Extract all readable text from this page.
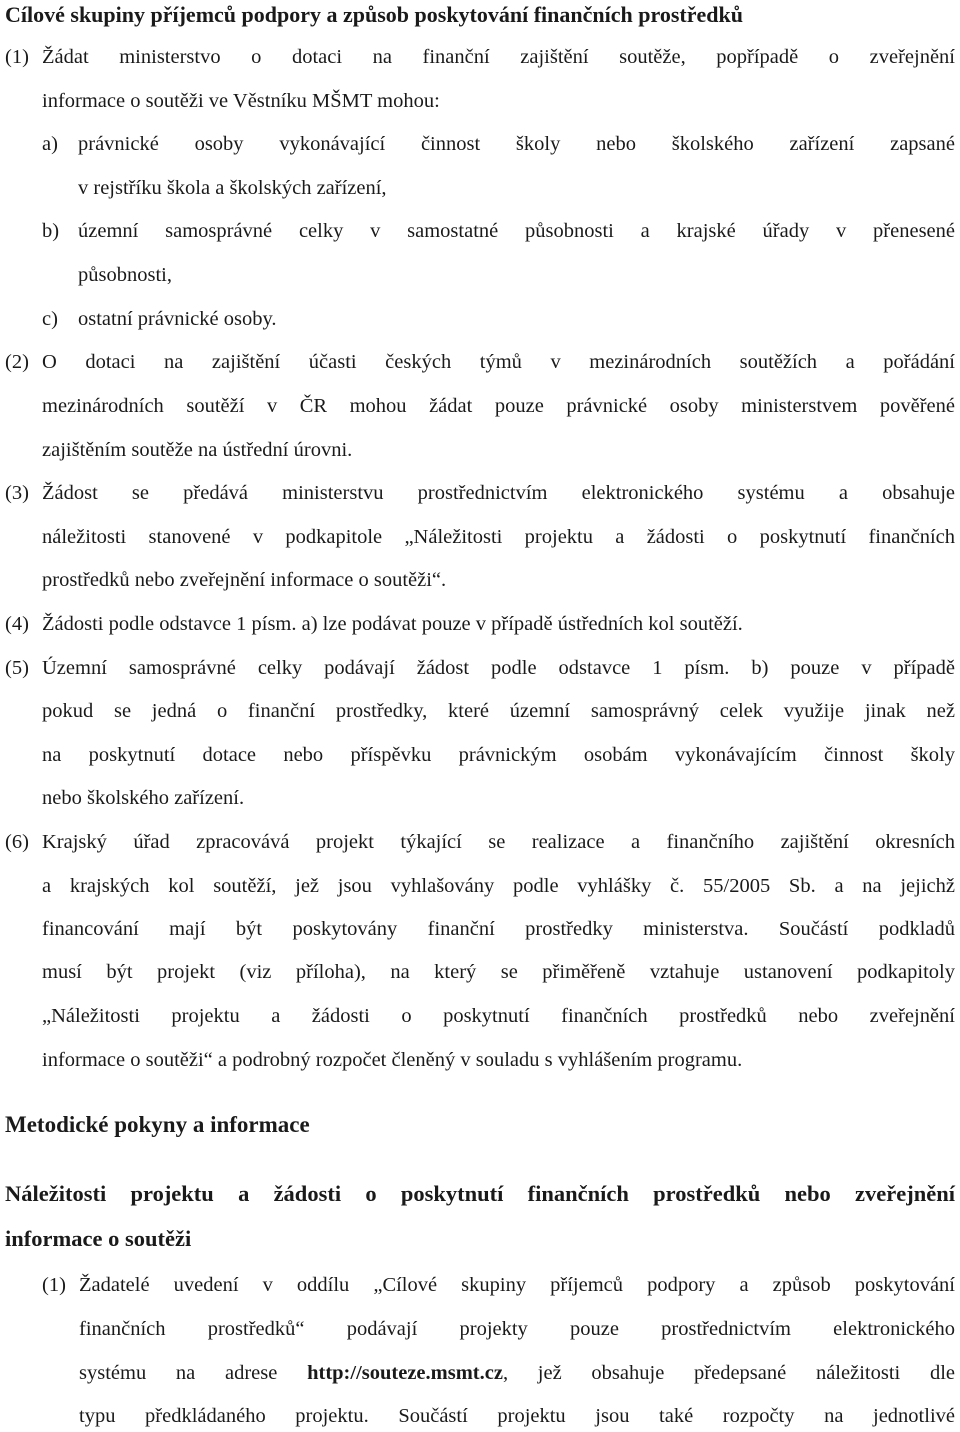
Cílové skupiny příjemců podpory a způsob poskytování finančních prostředků
(1) Žádat ministerstvo o dotaci na finanční zajištění soutěže, popřípadě o zveřejnění
informace o soutěži ve Věstníku MŠMT mohou:
a) právnické osoby vykonávající činnost školy nebo školského zařízení zapsané
v rejstříku škola a školských zařízení,
b) územní samosprávné celky v samostatné působnosti a krajské úřady v přenesené
působnosti,
c) ostatní právnické osoby.
(2) O dotaci na zajištění účasti českých týmů v mezinárodních soutěžích a pořádání
mezinárodních soutěží v ČR mohou žádat pouze právnické osoby ministerstvem pověřené
zajištěním soutěže na ústřední úrovni.
(3) Žádost se předává ministerstvu prostřednictvím elektronického systému a obsahuje
náležitosti stanovené v podkapitole „Náležitosti projektu a žádosti o poskytnutí finančních
prostředků nebo zveřejnění informace o soutěži“.
(4) Žádosti podle odstavce 1 písm. a) lze podávat pouze v případě ústředních kol soutěží.
(5) Územní samosprávné celky podávají žádost podle odstavce 1 písm. b) pouze v případě
pokud se jedná o finanční prostředky, které územní samosprávný celek využije jinak než
na poskytnutí dotace nebo příspěvku právnickým osobám vykonávajícím činnost školy
nebo školského zařízení.
(6) Krajský úřad zpracovává projekt týkající se realizace a finančního zajištění okresních
a krajských kol soutěží, jež jsou vyhlašovány podle vyhlášky č. 55/2005 Sb. a na jejichž
financování mají být poskytovány finanční prostředky ministerstva. Součástí podkladů
musí být projekt (viz příloha), na který se přiměřeně vztahuje ustanovení podkapitoly
„Náležitosti projektu a žádosti o poskytnutí finančních prostředků nebo zveřejnění
informace o soutěži“ a podrobný rozpočet členěný v souladu s vyhlášením programu.
Metodické pokyny a informace
Náležitosti projektu a žádosti o poskytnutí finančních prostředků nebo zveřejnění
informace o soutěži
(1) Žadatelé uvedení v oddílu „Cílové skupiny příjemců podpory a způsob poskytování
finančních prostředků“ podávají projekty pouze prostřednictvím elektronického
systému na adrese http://souteze.msmt.cz, jež obsahuje předepsané náležitosti dle
typu předkládaného projektu. Součástí projektu jsou také rozpočty na jednotlivé
